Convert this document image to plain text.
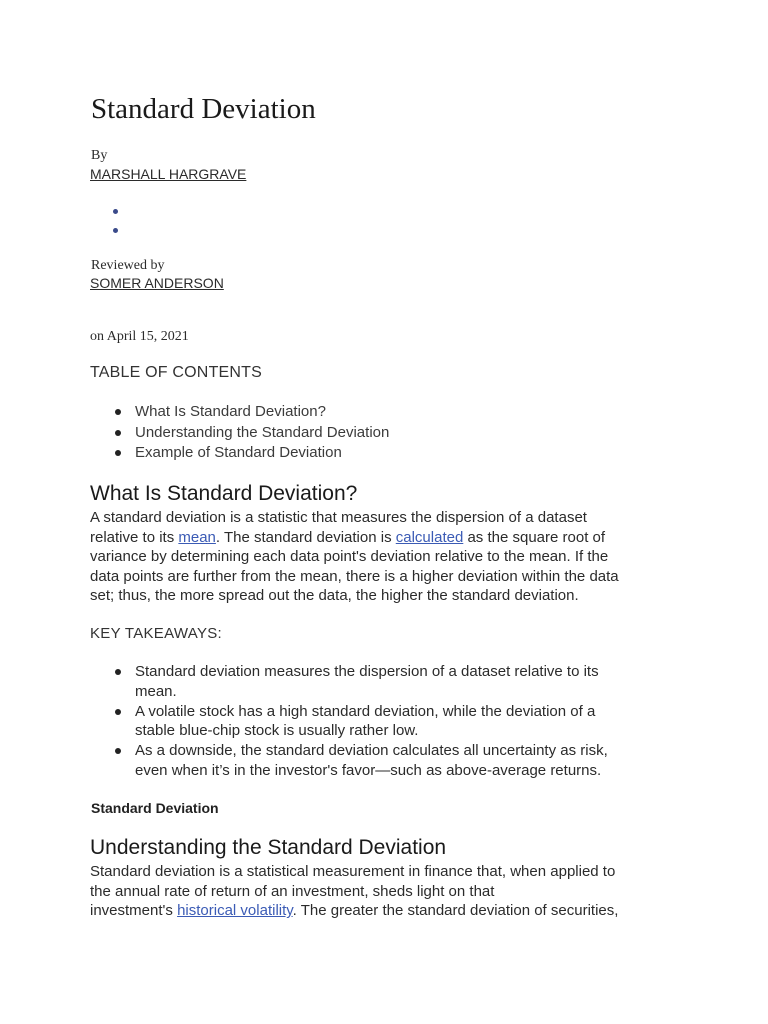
Standard Deviation
By
MARSHALL HARGRAVE
Reviewed by
SOMER ANDERSON
on April 15, 2021
TABLE OF CONTENTS
What Is Standard Deviation?
Understanding the Standard Deviation
Example of Standard Deviation
What Is Standard Deviation?
A standard deviation is a statistic that measures the dispersion of a dataset
relative to its mean. The standard deviation is calculated as the square root of
variance by determining each data point's deviation relative to the mean. If the
data points are further from the mean, there is a higher deviation within the data
set; thus, the more spread out the data, the higher the standard deviation.
KEY TAKEAWAYS:
Standard deviation measures the dispersion of a dataset relative to its
mean.
A volatile stock has a high standard deviation, while the deviation of a
stable blue-chip stock is usually rather low.
As a downside, the standard deviation calculates all uncertainty as risk,
even when it’s in the investor's favor—such as above-average returns.
Standard Deviation
Understanding the Standard Deviation
Standard deviation is a statistical measurement in finance that, when applied to
the annual rate of return of an investment, sheds light on that
investment's historical volatility. The greater the standard deviation of securities,
